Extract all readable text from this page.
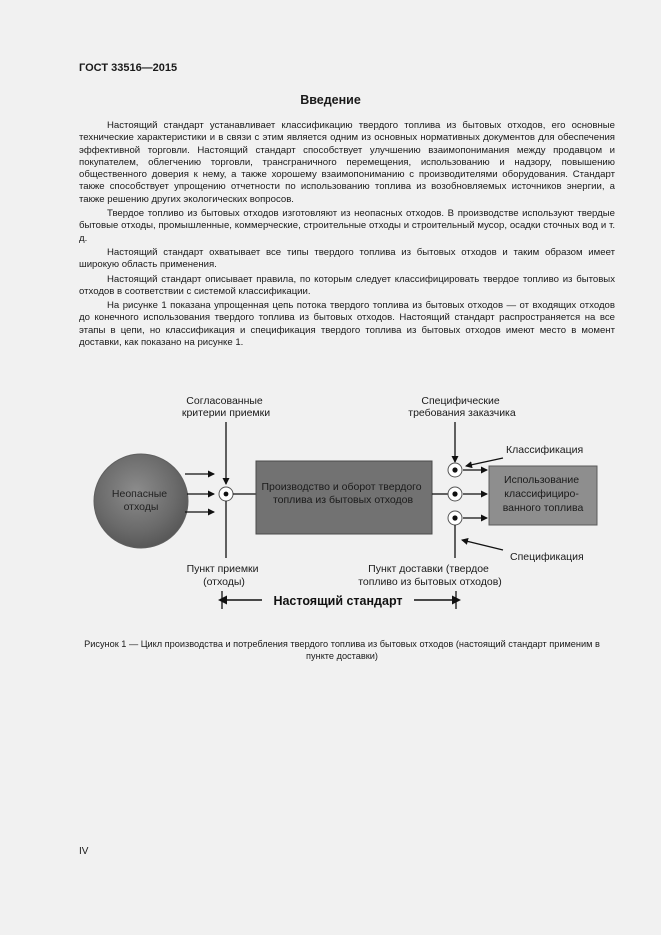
ГОСТ 33516—2015
Введение

Настоящий стандарт устанавливает классификацию твердого топлива из бытовых отходов, его основные технические характеристики и в связи с этим является одним из основных нормативных документов для обеспечения эффективной торговли. Настоящий стандарт способствует улучшению взаимопонимания между продавцом и покупателем, облегчению торговли, трансграничного перемещения, использованию и надзору, повышению общественного доверия к нему, а также хорошему взаимопониманию с производителями оборудования. Стандарт также способствует упрощению отчетности по использованию топлива из возобновляемых источников энергии, а также решению других экологических вопросов.

Твердое топливо из бытовых отходов изготовляют из неопасных отходов. В производстве используют твердые бытовые отходы, промышленные, коммерческие, строительные отходы и строительный мусор, осадки сточных вод и т. д.

Настоящий стандарт охватывает все типы твердого топлива из бытовых отходов и таким образом имеет широкую область применения.

Настоящий стандарт описывает правила, по которым следует классифицировать твердое топливо из бытовых отходов в соответствии с системой классификации.

На рисунке 1 показана упрощенная цепь потока твердого топлива из бытовых отходов — от входящих отходов до конечного использования твердого топлива из бытовых отходов. Настоящий стандарт распространяется на все этапы в цепи, но классификация и спецификация твердого топлива из бытовых отходов имеют место в момент доставки, как показано на рисунке 1.

Согласованные критерии приемки
Специфические требования заказчика
Классификация
Неопасные отходы
Производство и оборот твердого топлива из бытовых отходов
Использование классифициро- ванного топлива
Спецификация
Пункт приемки (отходы)
Пункт доставки (твердое топливо из бытовых отходов)
Настоящий стандарт
Рисунок 1 — Цикл производства и потребления твердого топлива из бытовых отходов (настоящий стандарт применим в пункте доставки)
IV
